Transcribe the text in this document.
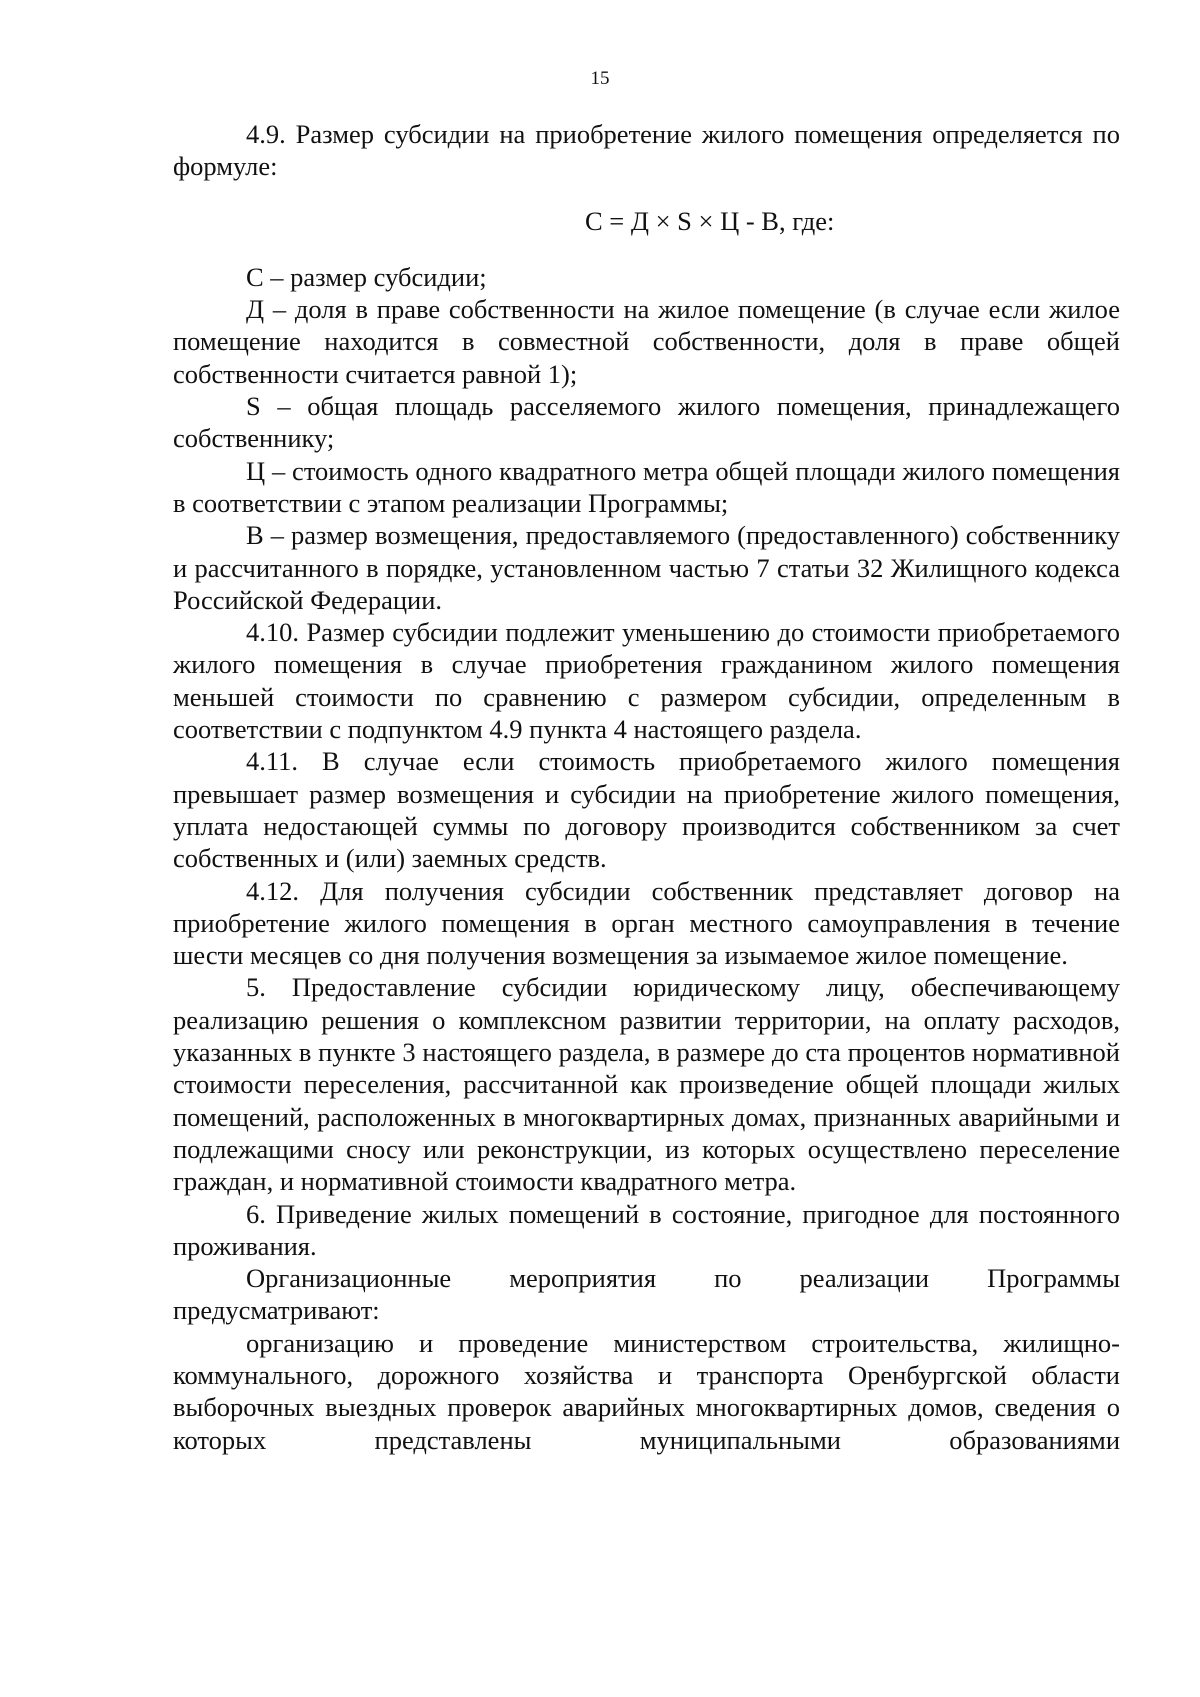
15

4.9. Размер субсидии на приобретение жилого помещения определяется по формуле:

С = Д × S × Ц - В, где:

С – размер субсидии;

Д – доля в праве собственности на жилое помещение (в случае если жилое помещение находится в совместной собственности, доля в праве общей собственности считается равной 1);

S – общая площадь расселяемого жилого помещения, принадлежащего собственнику;

Ц – стоимость одного квадратного метра общей площади жилого помещения в соответствии с этапом реализации Программы;

В – размер возмещения, предоставляемого (предоставленного) собственнику и рассчитанного в порядке, установленном частью 7 статьи 32 Жилищного кодекса Российской Федерации.

4.10. Размер субсидии подлежит уменьшению до стоимости приобретаемого жилого помещения в случае приобретения гражданином жилого помещения меньшей стоимости по сравнению с размером субсидии, определенным в соответствии с подпунктом 4.9 пункта 4 настоящего раздела.

4.11. В случае если стоимость приобретаемого жилого помещения превышает размер возмещения и субсидии на приобретение жилого помещения, уплата недостающей суммы по договору производится собственником за счет собственных и (или) заемных средств.

4.12. Для получения субсидии собственник представляет договор на приобретение жилого помещения в орган местного самоуправления в течение шести месяцев со дня получения возмещения за изымаемое жилое помещение.

5. Предоставление субсидии юридическому лицу, обеспечивающему реализацию решения о комплексном развитии территории, на оплату расходов, указанных в пункте 3 настоящего раздела, в размере до ста процентов нормативной стоимости переселения, рассчитанной как произведение общей площади жилых помещений, расположенных в многоквартирных домах, признанных аварийными и подлежащими сносу или реконструкции, из которых осуществлено переселение граждан, и нормативной стоимости квадратного метра.

6. Приведение жилых помещений в состояние, пригодное для постоянного проживания.

Организационные мероприятия по реализации Программы предусматривают:

организацию и проведение министерством строительства, жилищно-коммунального, дорожного хозяйства и транспорта Оренбургской области выборочных выездных проверок аварийных многоквартирных домов, сведения о которых представлены муниципальными образованиями
